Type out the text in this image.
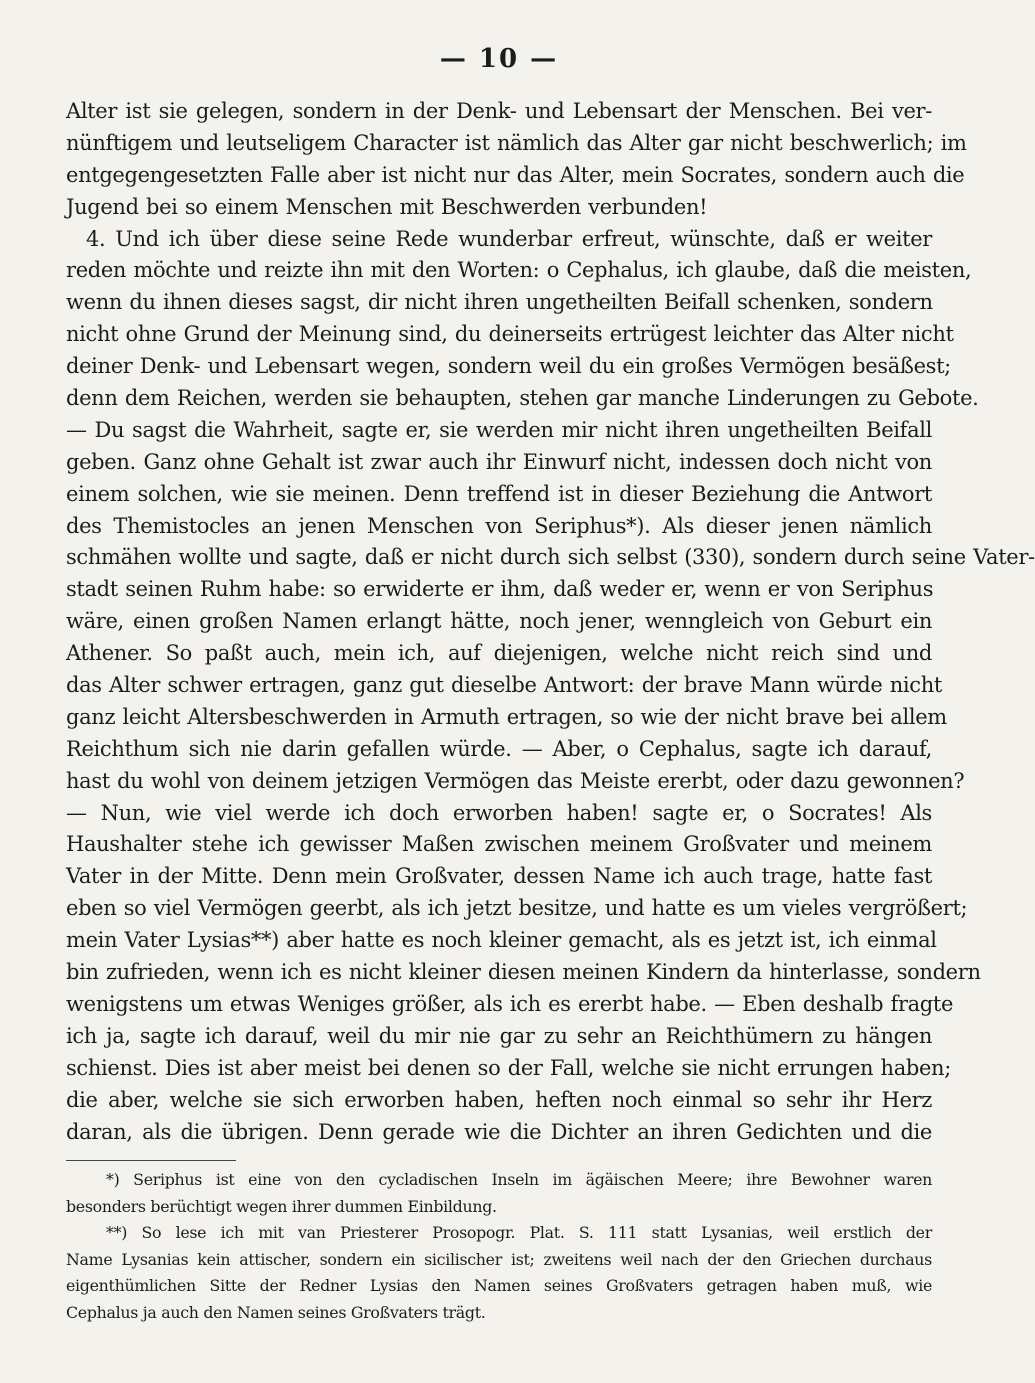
— 10 —
Alter ist sie gelegen, sondern in der Denk- und Lebensart der Menschen. Bei ver-
nünftigem und leutseligem Character ist nämlich das Alter gar nicht beschwerlich; im
entgegengesetzten Falle aber ist nicht nur das Alter, mein Socrates, sondern auch die
Jugend bei so einem Menschen mit Beschwerden verbunden!
4. Und ich über diese seine Rede wunderbar erfreut, wünschte, daß er weiter
reden möchte und reizte ihn mit den Worten: o Cephalus, ich glaube, daß die meisten,
wenn du ihnen dieses sagst, dir nicht ihren ungetheilten Beifall schenken, sondern
nicht ohne Grund der Meinung sind, du deinerseits ertrügest leichter das Alter nicht
deiner Denk- und Lebensart wegen, sondern weil du ein großes Vermögen besäßest;
denn dem Reichen, werden sie behaupten, stehen gar manche Linderungen zu Gebote.
— Du sagst die Wahrheit, sagte er, sie werden mir nicht ihren ungetheilten Beifall
geben. Ganz ohne Gehalt ist zwar auch ihr Einwurf nicht, indessen doch nicht von
einem solchen, wie sie meinen. Denn treffend ist in dieser Beziehung die Antwort
des Themistocles an jenen Menschen von Seriphus*). Als dieser jenen nämlich
schmähen wollte und sagte, daß er nicht durch sich selbst (330), sondern durch seine Vater-
stadt seinen Ruhm habe: so erwiderte er ihm, daß weder er, wenn er von Seriphus
wäre, einen großen Namen erlangt hätte, noch jener, wenngleich von Geburt ein
Athener. So paßt auch, mein ich, auf diejenigen, welche nicht reich sind und
das Alter schwer ertragen, ganz gut dieselbe Antwort: der brave Mann würde nicht
ganz leicht Altersbeschwerden in Armuth ertragen, so wie der nicht brave bei allem
Reichthum sich nie darin gefallen würde. — Aber, o Cephalus, sagte ich darauf,
hast du wohl von deinem jetzigen Vermögen das Meiste ererbt, oder dazu gewonnen?
— Nun, wie viel werde ich doch erworben haben! sagte er, o Socrates! Als
Haushalter stehe ich gewisser Maßen zwischen meinem Großvater und meinem
Vater in der Mitte. Denn mein Großvater, dessen Name ich auch trage, hatte fast
eben so viel Vermögen geerbt, als ich jetzt besitze, und hatte es um vieles vergrößert;
mein Vater Lysias**) aber hatte es noch kleiner gemacht, als es jetzt ist, ich einmal
bin zufrieden, wenn ich es nicht kleiner diesen meinen Kindern da hinterlasse, sondern
wenigstens um etwas Weniges größer, als ich es ererbt habe. — Eben deshalb fragte
ich ja, sagte ich darauf, weil du mir nie gar zu sehr an Reichthümern zu hängen
schienst. Dies ist aber meist bei denen so der Fall, welche sie nicht errungen haben;
die aber, welche sie sich erworben haben, heften noch einmal so sehr ihr Herz
daran, als die übrigen. Denn gerade wie die Dichter an ihren Gedichten und die
*) Seriphus ist eine von den cycladischen Inseln im ägäischen Meere; ihre Bewohner waren
besonders berüchtigt wegen ihrer dummen Einbildung.
**) So lese ich mit van Priesterer Prosopogr. Plat. S. 111 statt Lysanias, weil erstlich der
Name Lysanias kein attischer, sondern ein sicilischer ist; zweitens weil nach der den Griechen durchaus
eigenthümlichen Sitte der Redner Lysias den Namen seines Großvaters getragen haben muß, wie
Cephalus ja auch den Namen seines Großvaters trägt.
